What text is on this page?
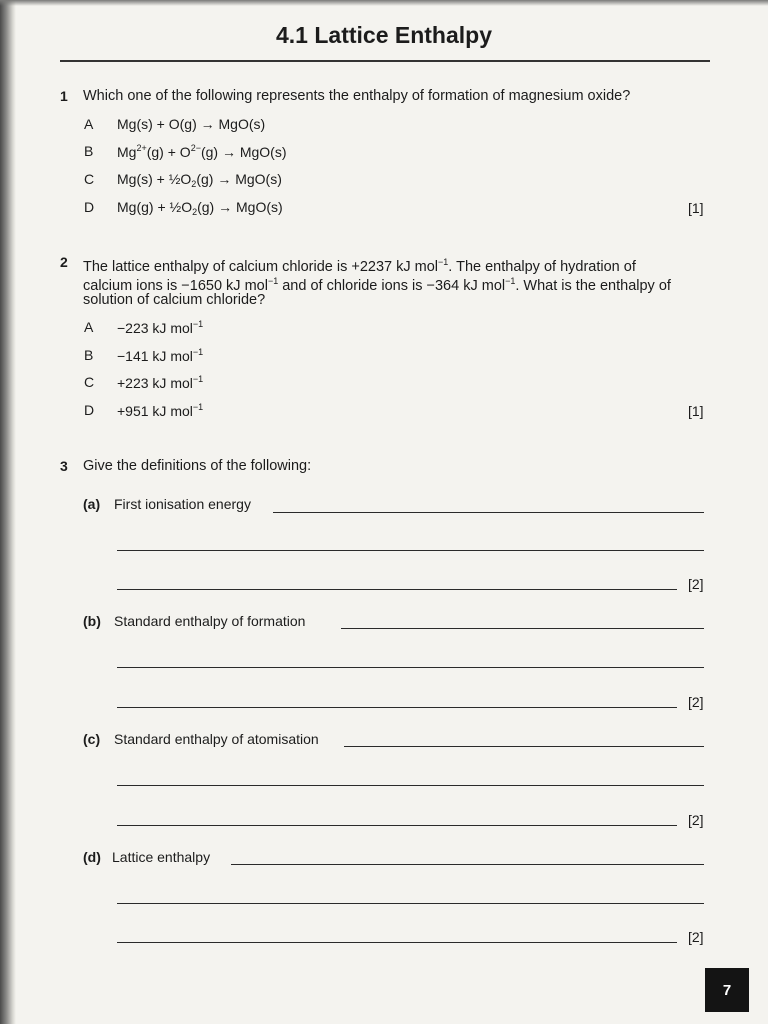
4.1 Lattice Enthalpy
1 Which one of the following represents the enthalpy of formation of magnesium oxide?
A Mg(s) + O(g) → MgO(s)
B $Mg^{2+}(g) + O^{2-}(g) \to MgO(s)$
C $Mg(s) + \frac{1}{2}O_2(g) \to MgO(s)$
D $Mg(g) + \frac{1}{2}O_2(g) \to MgO(s)$	[1]
2 The lattice enthalpy of calcium chloride is +2237 kJ mol$^{-1}$. The enthalpy of hydration of
calcium ions is −1650 kJ mol$^{-1}$ and of chloride ions is −364 kJ mol$^{-1}$. What is the enthalpy of
solution of calcium chloride?
A −223 kJ mol$^{-1}$
B −141 kJ mol$^{-1}$
C +223 kJ mol$^{-1}$
D +951 kJ mol$^{-1}$	[1]
3 Give the definitions of the following:
(a) First ionisation energy
[2]
(b) Standard enthalpy of formation
[2]
(c) Standard enthalpy of atomisation
[2]
(d) Lattice enthalpy
[2]
7
